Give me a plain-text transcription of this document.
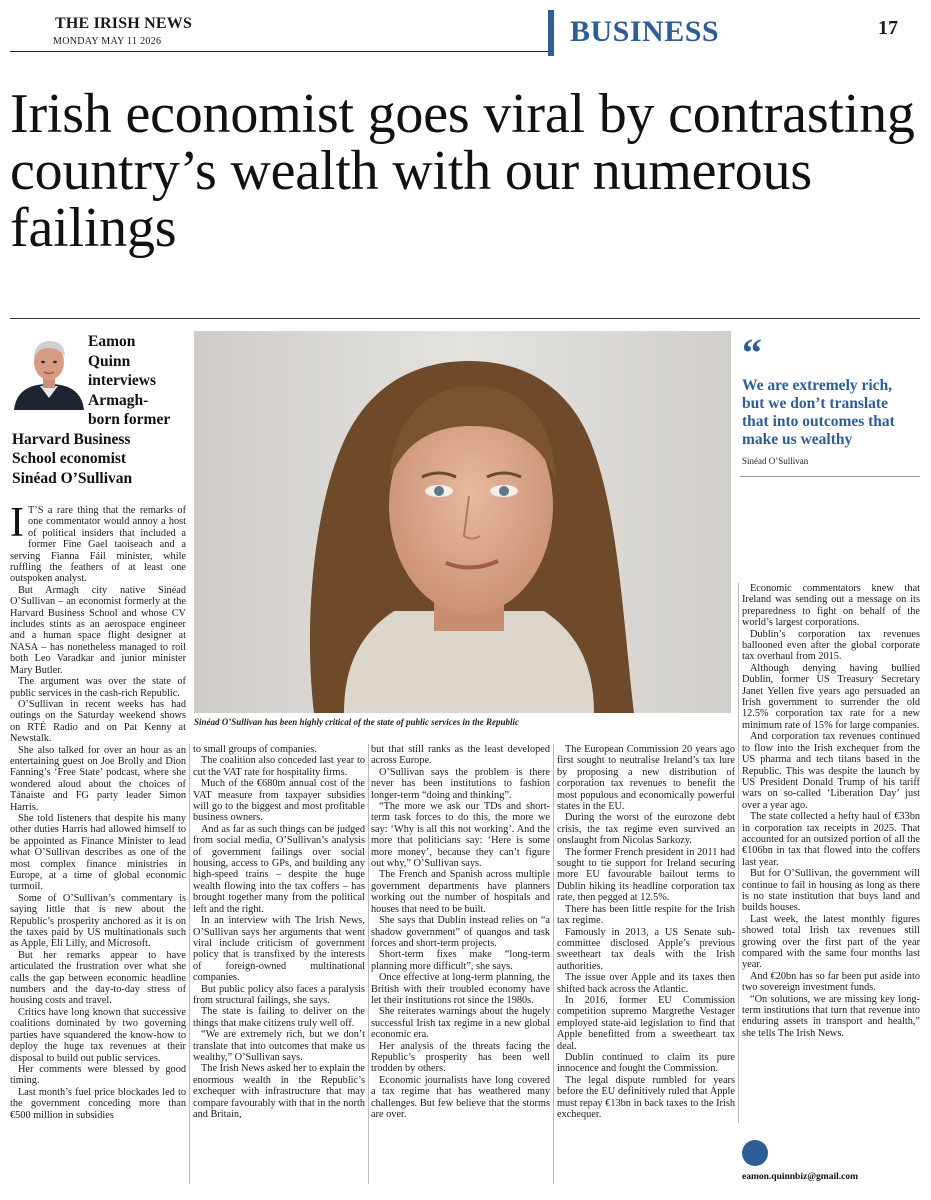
THE IRISH NEWS
MONDAY MAY 11 2026	BUSINESS	17
Irish economist goes viral by contrasting country’s wealth with our numerous failings
Eamon
Quinn
interviews
Armagh-
born former
Harvard Business
School economist
Sinéad O’Sullivan
Sinéad O’Sullivan has been highly critical of the state of public services in the Republic
“
We are extremely rich, but we don’t translate that into outcomes that make us wealthy
Sinéad O’Sullivan
I T’S a rare thing that the remarks of one commentator would annoy a host of political insiders that included a former Fine Gael taoiseach and a serving Fianna Fáil minister, while ruffling the feathers of at least one outspoken analyst.

But Armagh city native Sinéad O’Sullivan – an economist formerly at the Harvard Business School and whose CV includes stints as an aerospace engineer and a human space flight designer at NASA – has nonetheless managed to roil both Leo Varadkar and junior minister Mary Butler.

The argument was over the state of public services in the cash-rich Republic.

O’Sullivan in recent weeks has had outings on the Saturday weekend shows on RTÉ Radio and on Pat Kenny at Newstalk.

She also talked for over an hour as an entertaining guest on Joe Brolly and Dion Fanning’s ‘Free State’ podcast, where she wondered aloud about the choices of Tánaiste and FG party leader Simon Harris.

She told listeners that despite his many other duties Harris had allowed himself to be appointed as Finance Minister to lead what O’Sullivan describes as one of the most complex finance ministries in Europe, at a time of global economic turmoil.

Some of O’Sullivan’s commentary is saying little that is new about the Republic’s prosperity anchored as it is on the taxes paid by US multinationals such as Apple, Eli Lilly, and Microsoft.

But her remarks appear to have articulated the frustration over what she calls the gap between economic headline numbers and the day-to-day stress of housing costs and travel.

Critics have long known that successive coalitions dominated by two governing parties have squandered the know-how to deploy the huge tax revenues at their disposal to build out public services.

Her comments were blessed by good timing.

Last month’s fuel price blockades led to the government conceding more than €500 million in subsidies

to small groups of companies.

The coalition also conceded last year to cut the VAT rate for hospitality firms.

Much of the €680m annual cost of the VAT measure from taxpayer subsidies will go to the biggest and most profitable business owners.

And as far as such things can be judged from social media, O’Sullivan’s analysis of government failings over social housing, access to GPs, and building any high-speed trains – despite the huge wealth flowing into the tax coffers – has brought together many from the political left and the right.

In an interview with The Irish News, O’Sullivan says her arguments that went viral include criticism of government policy that is transfixed by the interests of foreign-owned multinational companies.

But public policy also faces a paralysis from structural failings, she says.

The state is failing to deliver on the things that make citizens truly well off.

“We are extremely rich, but we don’t translate that into outcomes that make us wealthy,” O’Sullivan says.

The Irish News asked her to explain the enormous wealth in the Republic’s exchequer with infrastructure that may compare favourably with that in the north and Britain,

but that still ranks as the least developed across Europe.

O’Sullivan says the problem is there never has been institutions to fashion longer-term “doing and thinking”.

“The more we ask our TDs and short-term task forces to do this, the more we say: ‘Why is all this not working’. And the more that politicians say: ‘Here is some more money’, because they can’t figure out why,” O’Sullivan says.

The French and Spanish across multiple government departments have planners working out the number of hospitals and houses that need to be built.

She says that Dublin instead relies on “a shadow government” of quangos and task forces and short-term projects.

Short-term fixes make “long-term planning more difficult”, she says.

Once effective at long-term planning, the British with their troubled economy have let their institutions rot since the 1980s.

She reiterates warnings about the hugely successful Irish tax regime in a new global economic era.

Her analysis of the threats facing the Republic’s prosperity has been well trodden by others.

Economic journalists have long covered a tax regime that has weathered many challenges. But few believe that the storms are over.

The European Commission 20 years ago first sought to neutralise Ireland’s tax lure by proposing a new distribution of corporation tax revenues to benefit the most populous and economically powerful states in the EU.

During the worst of the eurozone debt crisis, the tax regime even survived an onslaught from Nicolas Sarkozy.

The former French president in 2011 had sought to tie support for Ireland securing more EU favourable bailout terms to Dublin hiking its headline corporation tax rate, then pegged at 12.5%.

There has been little respite for the Irish tax regime.

Famously in 2013, a US Senate sub-committee disclosed Apple’s previous sweetheart tax deals with the Irish authorities.

The issue over Apple and its taxes then shifted back across the Atlantic.

In 2016, former EU Commission competition supremo Margrethe Vestager employed state-aid legislation to find that Apple benefitted from a sweetheart tax deal.

Dublin continued to claim its pure innocence and fought the Commission.

The legal dispute rumbled for years before the EU definitively ruled that Apple must repay €13bn in back taxes to the Irish exchequer.

Economic commentators knew that Ireland was sending out a message on its preparedness to fight on behalf of the world’s largest corporations.

Dublin’s corporation tax revenues ballooned even after the global corporate tax overhaul from 2015.

Although denying having bullied Dublin, former US Treasury Secretary Janet Yellen five years ago persuaded an Irish government to surrender the old 12.5% corporation tax rate for a new minimum rate of 15% for large companies.

And corporation tax revenues continued to flow into the Irish exchequer from the US pharma and tech titans based in the Republic. This was despite the launch by US President Donald Trump of his tariff wars on so-called ‘Liberation Day’ just over a year ago.

The state collected a hefty haul of €33bn in corporation tax receipts in 2025. That accounted for an outsized portion of all the €106bn in tax that flowed into the coffers last year.

But for O’Sullivan, the government will continue to fail in housing as long as there is no state institution that buys land and builds houses.

Last week, the latest monthly figures showed total Irish tax revenues still growing over the first part of the year compared with the same four months last year.

And €20bn has so far been put aside into two sovereign investment funds.

“On solutions, we are missing key long-term institutions that turn that revenue into enduring assets in transport and health,” she tells The Irish News.

eamon.quinnbiz@gmail.com
